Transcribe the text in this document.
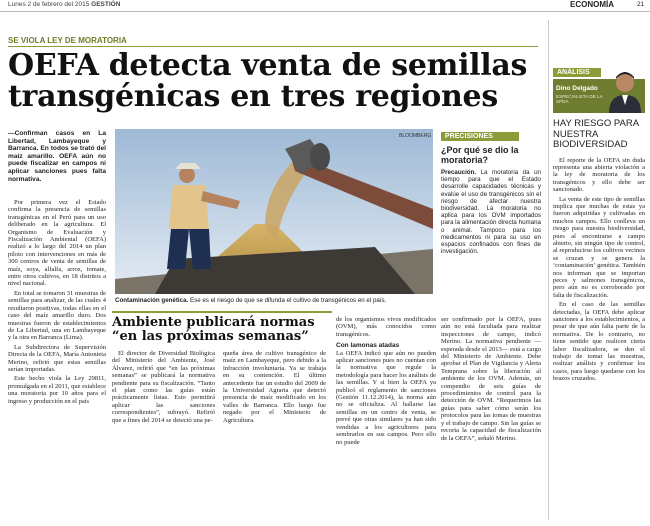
Lunes 2 de febrero del 2015 GESTIÓN	ECONOMÍA	21
SE VIOLA LEY DE MORATORIA
OEFA detecta venta de semillas transgénicas en tres regiones
—Confirman casos en La Libertad, Lambayeque y Barranca. En todos se trató del maíz amarillo. OEFA aún no puede fiscalizar en campos ni aplicar sanciones pues falta normativa.

Por primera vez el Estado confirma la presencia de semillas transgénicas en el Perú para un uso deliberado en la agricultura. El Organismo de Evaluación y Fiscalización Ambiental (OEFA) realizó a lo largo del 2014 un plan piloto con intervenciones en más de 300 centros de venta de semillas de maíz, soya, alfalfa, arroz, tomate, entre otros cultivos, en 18 distritos a nivel nacional.

En total se tomaron 31 muestras de semillas para analizar, de las cuales 4 resultaron positivas, todas ellas en el caso del maíz amarillo duro. Dos muestras fueron de establecimientos de La Libertad, una en Lambayeque y la otra en Barranca (Lima).

La Subdirectora de Supervisión Directa de la OEFA, María Antonieta Merino, refirió que estas semillas serían importadas.

Este hecho viola la Ley 29811, promulgada en el 2011, que establece una moratoria por 10 años para el ingreso y producción en el país

BLOOMBERG
Contaminación genética. Ese es el riesgo de que se difunda el cultivo de transgénicos en el país.
Ambiente publicará normas “en las próximas semanas”

El director de Diversidad Biológica del Ministerio del Ambiente, José Álvarez, refirió que “en las próximas semanas” se publicará la normativa pendiente para su fiscalización. “Tanto el plan como las guías están prácticamente listas. Esto permitirá aplicar las sanciones correspondientes”, subrayó. Refirió que a fines del 2014 se detectó una pe-

queña área de cultivo transgénico de maíz en Lambayeque, pero debido a la infracción involuntaria. Ya se trabaja en su contención. El último antecedente fue un estudio del 2009 de la Universidad Agraria que detectó presencia de maíz modificado en los valles de Barranca. Ello luego fue negado por el Ministerio de Agricultura.

de los organismos vivos modificados (OVM), más conocidos como transgénicos.

Con lamonas atadas

La OEFA indicó que aún no pueden aplicar sanciones pues no cuentan con la normativa que regule la metodología para hacer los análisis de las semillas. Y si bien la OEFA ya publicó el reglamento de sanciones (Gestión 11.12.2014), la norma aún no se oficializa. Al hallarse las semillas en un centro de venta, se prevé que otras similares ya han sido vendidas a los agricultores para sembrarlos en sus campos. Pero ello no puede

PRECISIONES
¿Por qué se dio la moratoria?
Precaución. La moratoria da un tiempo para que el Estado desarrolle capacidades técnicas y evalúe el uso de transgénicos sin el riesgo de afectar nuestra biodiversidad. La moratoria no aplica para los OVM importados para la alimentación directa humana o animal. Tampoco para los medicamentos ni para su uso en espacios confinados con fines de investigación.

ser confirmado por la OEFA, pues aún no está facultada para realizar inspecciones de campo, indicó Merino. La normativa pendiente —esperada desde el 2013— está a cargo del Ministerio de Ambiente. Debe aprobar el Plan de Vigilancia y Alerta Temprana sobre la liberación al ambiente de los OVM. Además, un compendio de seis guías de procedimientos de control para la detección de OVM. “Requerimos las guías para saber cómo serán los protocolos para las tomas de muestras y el trabajo de campo. Sin las guías se recorta la capacidad de fiscalización de la OEFA”, señaló Merino.

ANÁLISIS
Dino Delgado
ESPECIALISTA DE LA SPDA
HAY RIESGO PARA NUESTRA BIODIVERSIDAD

El reporte de la OEFA sin duda representa una abierta violación a la ley de moratoria de los transgénicos y ello debe ser sancionado.

La venta de este tipo de semillas implica que muchas de estas ya fueron adquiridas y cultivadas en muchos campos. Ello conlleva un riesgo para nuestra biodiversidad, pues al encontrarse a campo abierto, sin ningún tipo de control, al reproducirse los cultivos vecinos se cruzan y se genera la ‘contaminación’ genética. También nos informan que se importan peces y salmones transgénicos, pero aún no es corroborado por falta de fiscalización.

En el caso de las semillas detectadas, la OEFA debe aplicar sanciones a los establecimientos, a pesar de que aún falta parte de la normativa. De lo contrario, no tiene sentido que realicen cierta labor fiscalizadora, se den el trabajo de tomar las muestras, realizar análisis y confirmar los casos, para luego quedarse con los brazos cruzados.
